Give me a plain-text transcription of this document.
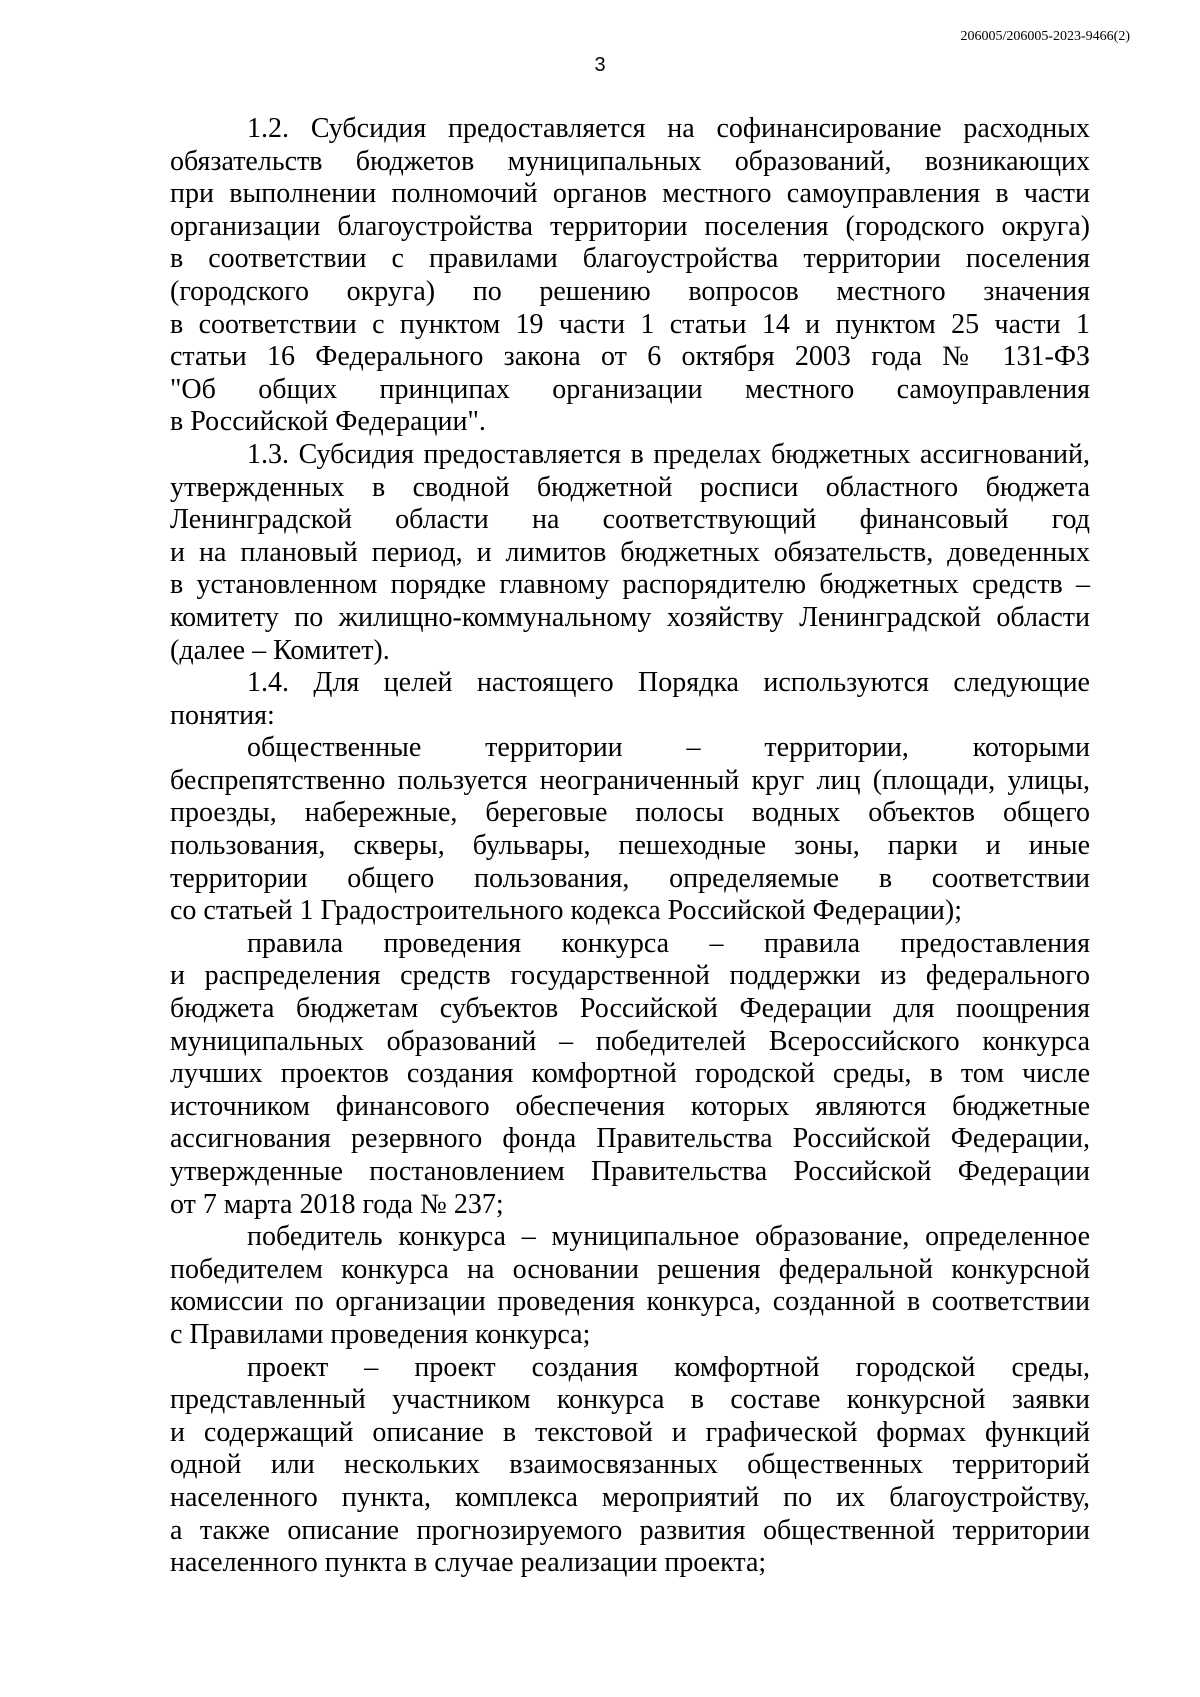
206005/206005-2023-9466(2)
3
1.2. Субсидия предоставляется на софинансирование расходных
обязательств бюджетов муниципальных образований, возникающих
при выполнении полномочий органов местного самоуправления в части
организации благоустройства территории поселения (городского округа)
в соответствии с правилами благоустройства территории поселения
(городского округа) по решению вопросов местного значения
в соответствии с пунктом 19 части 1 статьи 14 и пунктом 25 части 1
статьи 16 Федерального закона от 6 октября 2003 года № 131-ФЗ
"Об общих принципах организации местного самоуправления
в Российской Федерации".
1.3. Субсидия предоставляется в пределах бюджетных ассигнований,
утвержденных в сводной бюджетной росписи областного бюджета
Ленинградской области на соответствующий финансовый год
и на плановый период, и лимитов бюджетных обязательств, доведенных
в установленном порядке главному распорядителю бюджетных средств –
комитету по жилищно-коммунальному хозяйству Ленинградской области
(далее – Комитет).
1.4. Для целей настоящего Порядка используются следующие
понятия:
общественные территории – территории, которыми
беспрепятственно пользуется неограниченный круг лиц (площади, улицы,
проезды, набережные, береговые полосы водных объектов общего
пользования, скверы, бульвары, пешеходные зоны, парки и иные
территории общего пользования, определяемые в соответствии
со статьей 1 Градостроительного кодекса Российской Федерации);
правила проведения конкурса – правила предоставления
и распределения средств государственной поддержки из федерального
бюджета бюджетам субъектов Российской Федерации для поощрения
муниципальных образований – победителей Всероссийского конкурса
лучших проектов создания комфортной городской среды, в том числе
источником финансового обеспечения которых являются бюджетные
ассигнования резервного фонда Правительства Российской Федерации,
утвержденные постановлением Правительства Российской Федерации
от 7 марта 2018 года № 237;
победитель конкурса – муниципальное образование, определенное
победителем конкурса на основании решения федеральной конкурсной
комиссии по организации проведения конкурса, созданной в соответствии
с Правилами проведения конкурса;
проект – проект создания комфортной городской среды,
представленный участником конкурса в составе конкурсной заявки
и содержащий описание в текстовой и графической формах функций
одной или нескольких взаимосвязанных общественных территорий
населенного пункта, комплекса мероприятий по их благоустройству,
а также описание прогнозируемого развития общественной территории
населенного пункта в случае реализации проекта;
